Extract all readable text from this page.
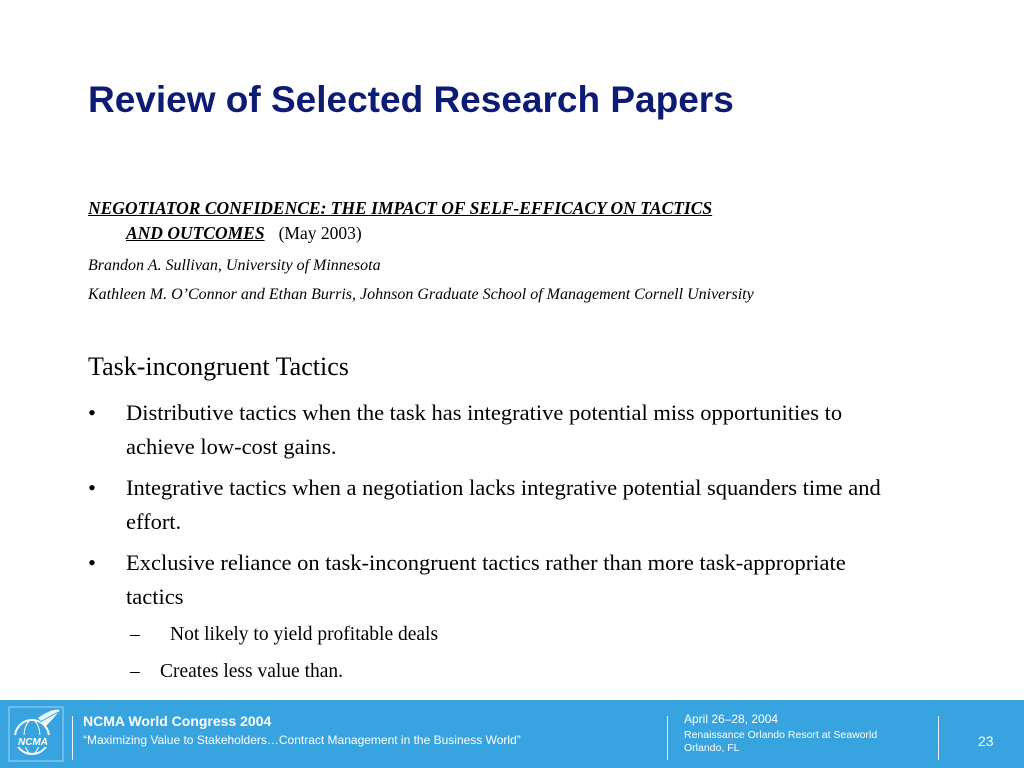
Review of Selected Research Papers
NEGOTIATOR CONFIDENCE: THE IMPACT OF SELF-EFFICACY ON TACTICS
AND OUTCOMES (May 2003)
Brandon A. Sullivan, University of Minnesota
Kathleen M. O’Connor and Ethan Burris, Johnson Graduate School of Management Cornell University
Task-incongruent Tactics
• Distributive tactics when the task has integrative potential miss opportunities to achieve low-cost gains.
• Integrative tactics when a negotiation lacks integrative potential squanders time and effort.
• Exclusive reliance on task-incongruent tactics rather than more task-appropriate tactics
– Not likely to yield profitable deals
– Creates less value than.
NCMA
NCMA World Congress 2004
“Maximizing Value to Stakeholders…Contract Management in the Business World”
April 26–28, 2004
Renaissance Orlando Resort at Seaworld
Orlando, FL	23
